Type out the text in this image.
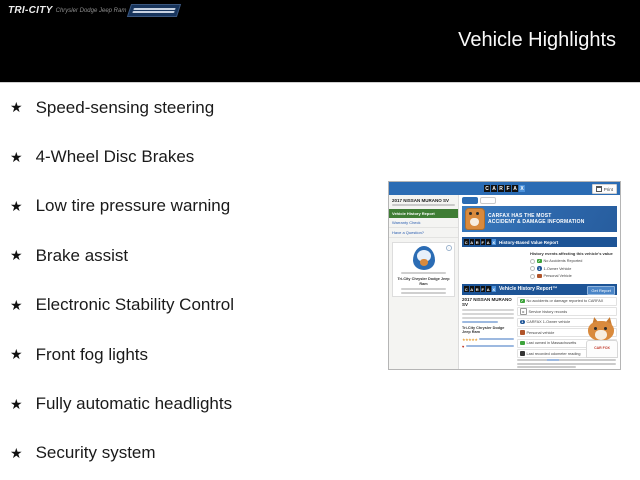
TRI-CITY Chrysler Dodge Jeep Ram
Vehicle Highlights
★ Speed-sensing steering
★ 4-Wheel Disc Brakes
★ Low tire pressure warning
★ Brake assist
★ Electronic Stability Control
★ Front fog lights
★ Fully automatic headlights
★ Security system
C A R F A X	Print
2017 NISSAN MURANO SV
Vehicle History Report
Warranty Check
Have a Question?
i
Tri-City Chrysler Dodge Jeep Ram
CARFAX HAS THE MOST
ACCIDENT & DAMAGE INFORMATION
C A R F A X History-Based Value Report
History events affecting this vehicle's value
✓ No Accidents Reported
1 1-Owner Vehicle
Personal Vehicle
C A R F A X Vehicle History Report™	Get Report
2017 NISSAN MURANO SV
Tri-City Chrysler Dodge Jeep Ram
★★★★★
♥
✓ No accidents or damage reported to CARFAX
⨯ Service history records
1 CARFAX 1-Owner vehicle
Personal vehicle
Last owned in Massachusetts
Last recorded odometer reading
CAR FOX
